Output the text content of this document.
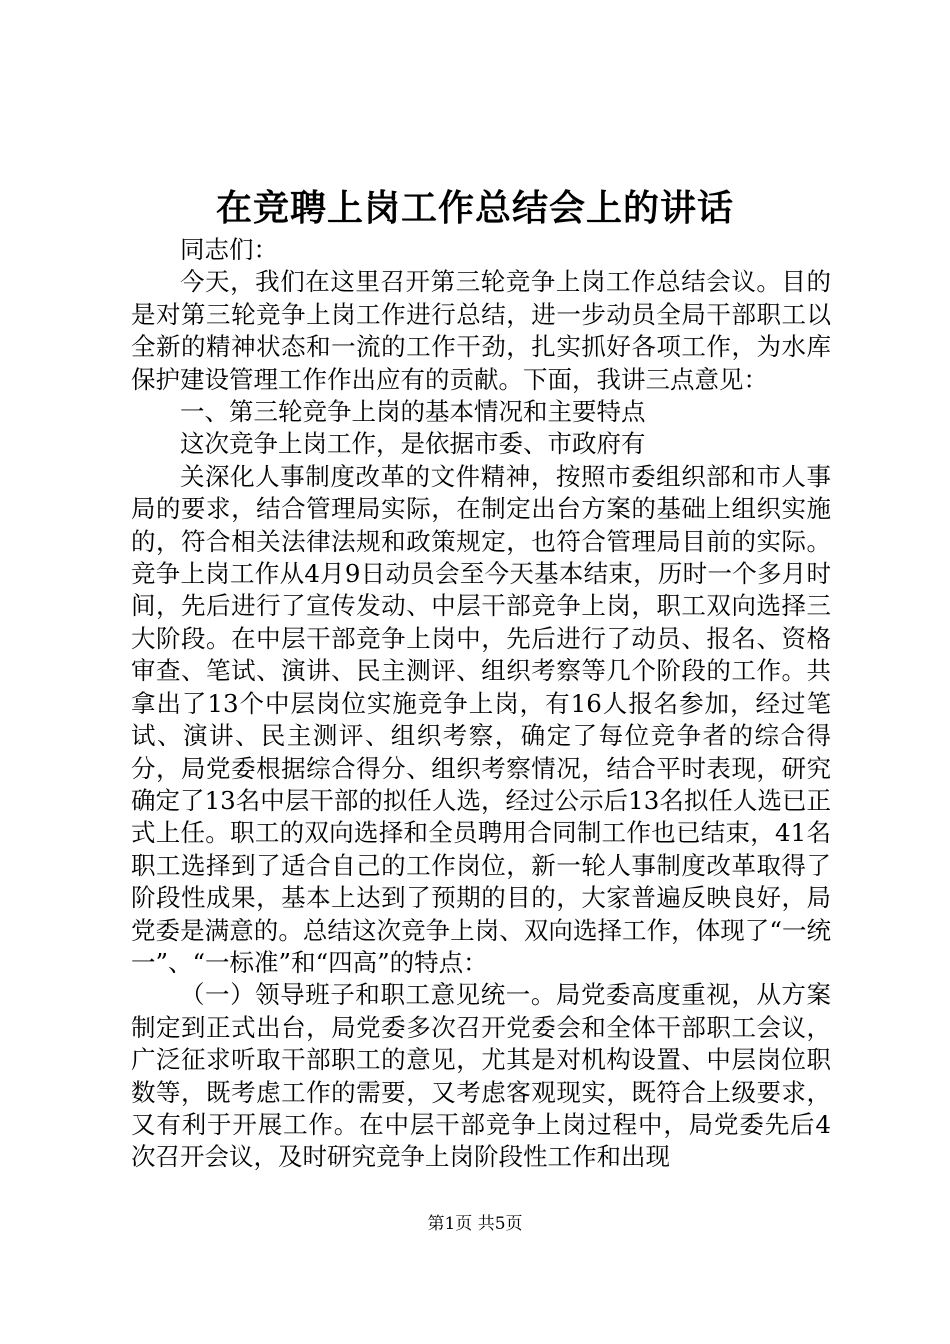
在竞聘上岗工作总结会上的讲话

同志们：

今天，我们在这里召开第三轮竞争上岗工作总结会议。目的是对第三轮竞争上岗工作进行总结，进一步动员全局干部职工以全新的精神状态和一流的工作干劲，扎实抓好各项工作，为水库保护建设管理工作作出应有的贡献。下面，我讲三点意见：

一、第三轮竞争上岗的基本情况和主要特点

这次竞争上岗工作，是依据市委、市政府有

关深化人事制度改革的文件精神，按照市委组织部和市人事局的要求，结合管理局实际，在制定出台方案的基础上组织实施的，符合相关法律法规和政策规定，也符合管理局目前的实际。竞争上岗工作从4月9日动员会至今天基本结束，历时一个多月时间，先后进行了宣传发动、中层干部竞争上岗，职工双向选择三大阶段。在中层干部竞争上岗中，先后进行了动员、报名、资格审查、笔试、演讲、民主测评、组织考察等几个阶段的工作。共拿出了13个中层岗位实施竞争上岗，有16人报名参加，经过笔试、演讲、民主测评、组织考察，确定了每位竞争者的综合得分，局党委根据综合得分、组织考察情况，结合平时表现，研究确定了13名中层干部的拟任人选，经过公示后13名拟任人选已正式上任。职工的双向选择和全员聘用合同制工作也已结束，41名职工选择到了适合自己的工作岗位，新一轮人事制度改革取得了阶段性成果，基本上达到了预期的目的，大家普遍反映良好，局党委是满意的。总结这次竞争上岗、双向选择工作，体现了“一统一”、“一标准”和“四高”的特点：

（一）领导班子和职工意见统一。局党委高度重视，从方案制定到正式出台，局党委多次召开党委会和全体干部职工会议，广泛征求听取干部职工的意见，尤其是对机构设置、中层岗位职数等，既考虑工作的需要，又考虑客观现实，既符合上级要求，又有利于开展工作。在中层干部竞争上岗过程中，局党委先后4次召开会议，及时研究竞争上岗阶段性工作和出现

第1页 共5页
